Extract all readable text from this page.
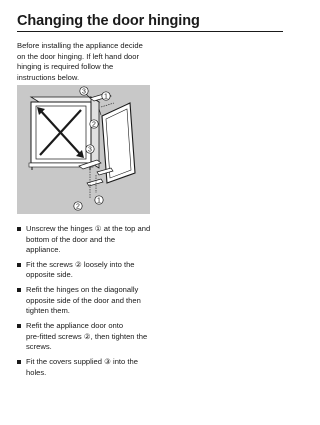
Changing the door hinging
Before installing the appliance decide
on the door hinging. If left hand door
hinging is required follow the
instructions below.
3
1
2
3
2
1
Unscrew the hinges ① at the top and
bottom of the door and the
appliance.
Fit the screws ② loosely into the
opposite side.
Refit the hinges on the diagonally
opposite side of the door and then
tighten them.
Refit the appliance door onto
pre-fitted screws ②, then tighten the
screws.
Fit the covers supplied ③ into the
holes.
